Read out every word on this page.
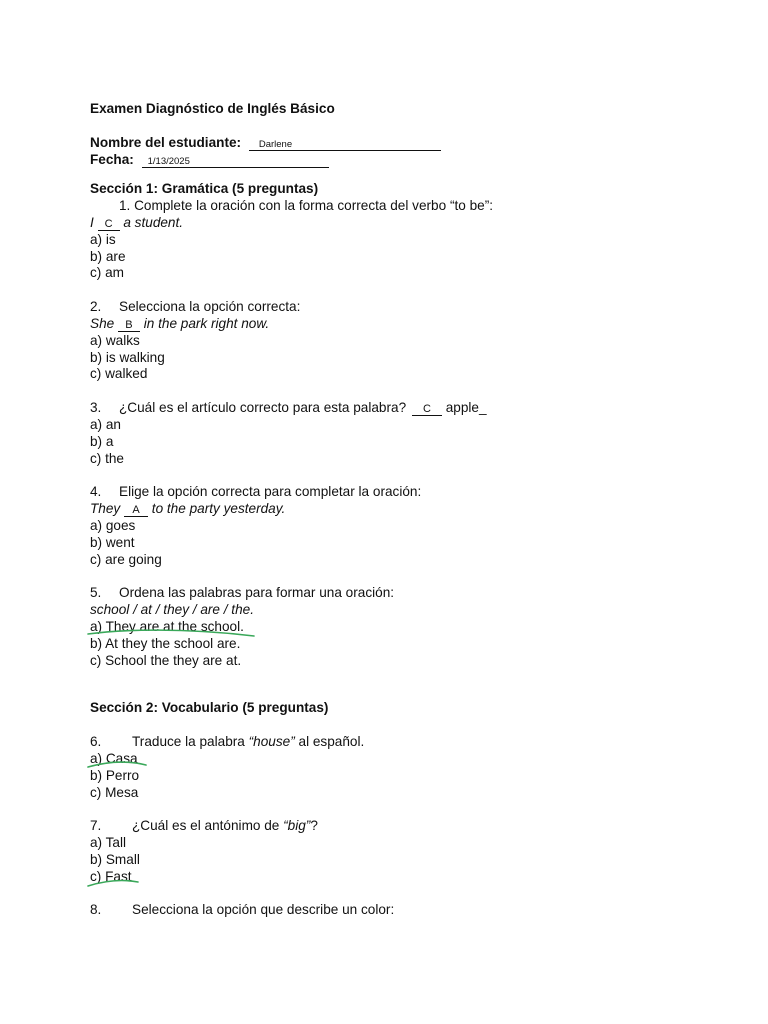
Examen Diagnóstico de Inglés Básico
Nombre del estudiante: Darlene
Fecha: 1/13/2025
Sección 1: Gramática (5 preguntas)
1. Complete la oración con la forma correcta del verbo “to be”:
I C a student.
a) is
b) are
c) am
2. Selecciona la opción correcta:
She B in the park right now.
a) walks
b) is walking
c) walked
3. ¿Cuál es el artículo correcto para esta palabra? C apple_
a) an
b) a
c) the
4. Elige la opción correcta para completar la oración:
They A to the party yesterday.
a) goes
b) went
c) are going
5. Ordena las palabras para formar una oración:
school / at / they / are / the.
a) They are at the school.
b) At they the school are.
c) School the they are at.
Sección 2: Vocabulario (5 preguntas)
6. Traduce la palabra “house” al español.
a) Casa
b) Perro
c) Mesa
7. ¿Cuál es el antónimo de “big”?
a) Tall
b) Small
c) Fast
8. Selecciona la opción que describe un color:
